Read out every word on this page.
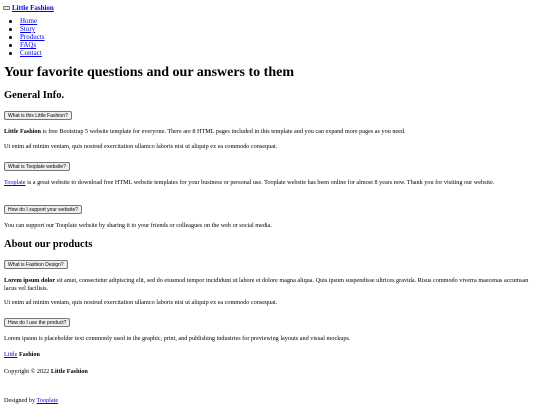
Little Fashion
Home
Story
Products
FAQs
Contact
Your favorite questions and our answers to them
General Info.
What is this Little Fashion?

Little Fashion is free Bootstrap 5 website template for everyone. There are 8 HTML pages included in this template and you can expand more pages as you need.

Ut enim ad minim veniam, quis nostrud exercitation ullamco laboris nisi ut aliquip ex ea commodo consequat.

What is Tooplate website?

Tooplate is a great website to download free HTML website templates for your business or personal use. Tooplate website has been online for almost 8 years now. Thank you for visiting our website.

How do I support your website?

You can support our Tooplate website by sharing it to your friends or colleagues on the web or social media.

About our products
What is Fashion Design?

Lorem ipsum dolor sit amet, consectetur adipiscing elit, sed do eiusmod tempor incididunt ut labore et dolore magna aliqua. Quis ipsum suspendisse ultrices gravida. Risus commodo viverra maecenas accumsan lacus vel facilisis.

Ut enim ad minim veniam, quis nostrud exercitation ullamco laboris nisi ut aliquip ex ea commodo consequat.

How do I use the product?

Lorem ipsum is placeholder text commonly used in the graphic, print, and publishing industries for previewing layouts and visual mockups.

Little Fashion
Copyright © 2022 Little Fashion
Designed by Tooplate
